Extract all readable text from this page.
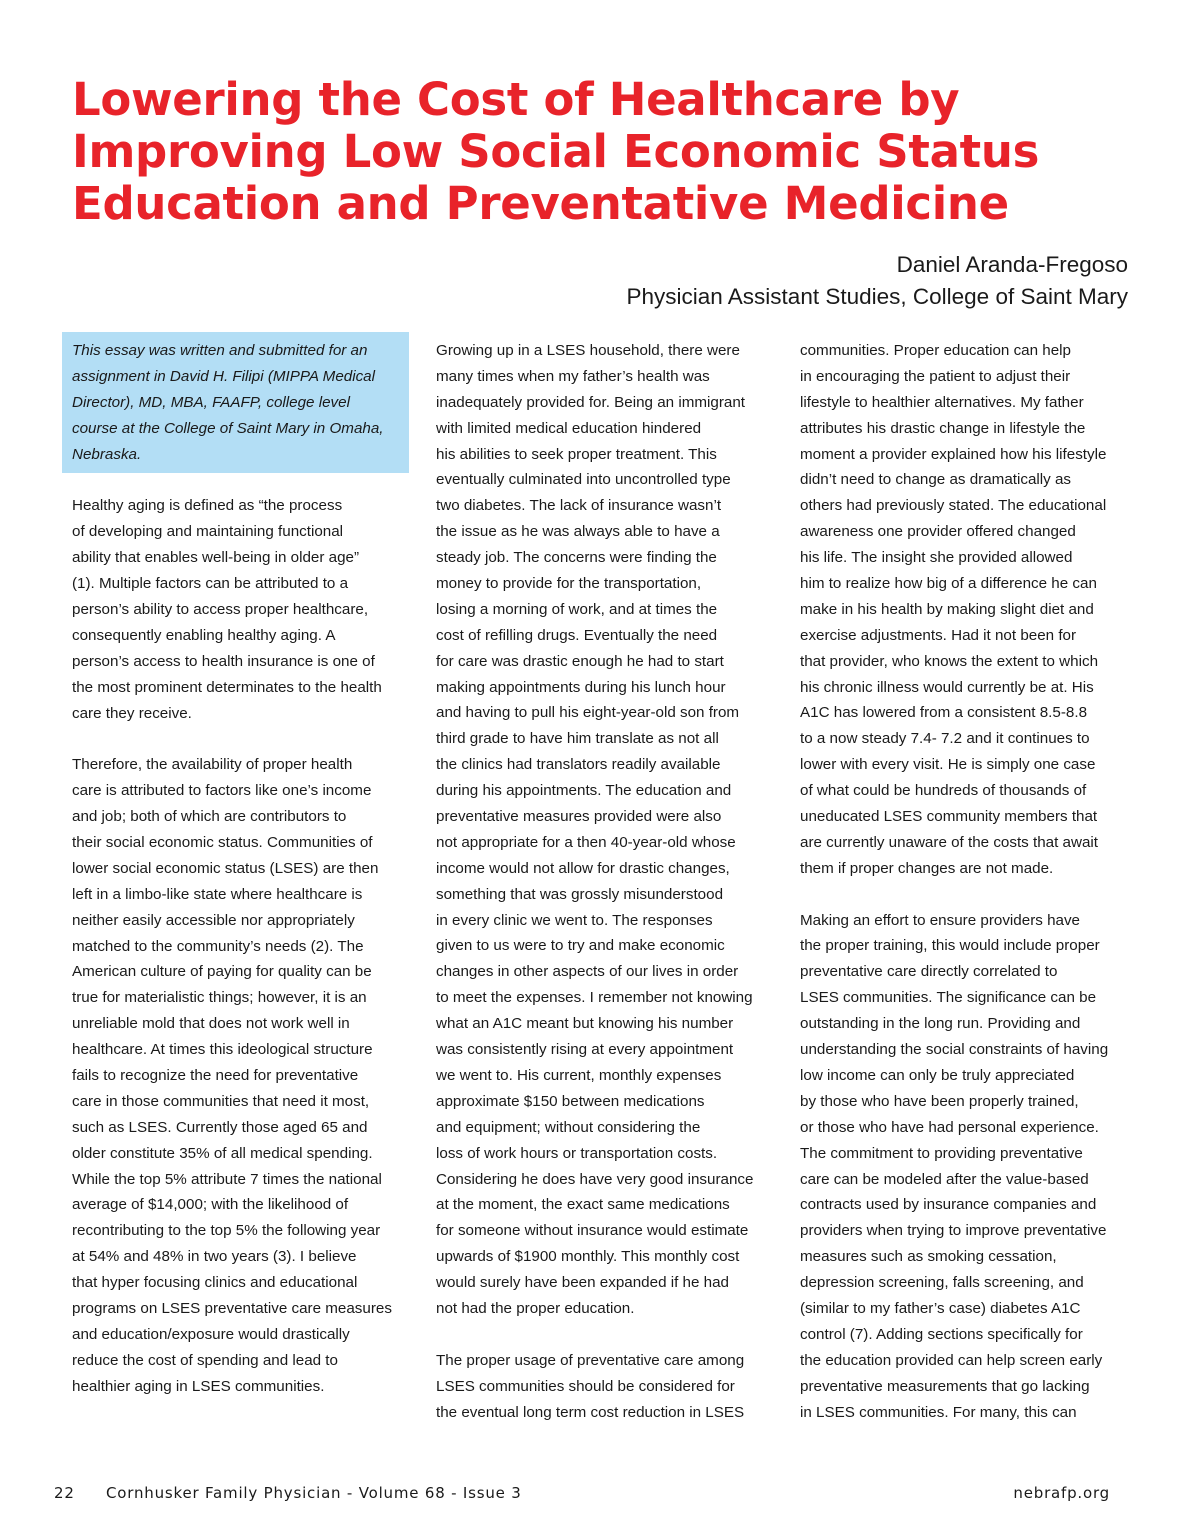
Lowering the Cost of Healthcare by
Improving Low Social Economic Status
Education and Preventative Medicine
Daniel Aranda-Fregoso
Physician Assistant Studies, College of Saint Mary
This essay was written and submitted for an
assignment in David H. Filipi (MIPPA Medical
Director), MD, MBA, FAAFP, college level
course at the College of Saint Mary in Omaha,
Nebraska.
Healthy aging is defined as “the process
of developing and maintaining functional
ability that enables well-being in older age”
(1). Multiple factors can be attributed to a
person’s ability to access proper healthcare,
consequently enabling healthy aging. A
person’s access to health insurance is one of
the most prominent determinates to the health
care they receive.
Therefore, the availability of proper health
care is attributed to factors like one’s income
and job; both of which are contributors to
their social economic status. Communities of
lower social economic status (LSES) are then
left in a limbo-like state where healthcare is
neither easily accessible nor appropriately
matched to the community’s needs (2). The
American culture of paying for quality can be
true for materialistic things; however, it is an
unreliable mold that does not work well in
healthcare. At times this ideological structure
fails to recognize the need for preventative
care in those communities that need it most,
such as LSES. Currently those aged 65 and
older constitute 35% of all medical spending.
While the top 5% attribute 7 times the national
average of $14,000; with the likelihood of
recontributing to the top 5% the following year
at 54% and 48% in two years (3). I believe
that hyper focusing clinics and educational
programs on LSES preventative care measures
and education/exposure would drastically
reduce the cost of spending and lead to
healthier aging in LSES communities.
Growing up in a LSES household, there were
many times when my father’s health was
inadequately provided for. Being an immigrant
with limited medical education hindered
his abilities to seek proper treatment. This
eventually culminated into uncontrolled type
two diabetes. The lack of insurance wasn’t
the issue as he was always able to have a
steady job. The concerns were finding the
money to provide for the transportation,
losing a morning of work, and at times the
cost of refilling drugs. Eventually the need
for care was drastic enough he had to start
making appointments during his lunch hour
and having to pull his eight-year-old son from
third grade to have him translate as not all
the clinics had translators readily available
during his appointments. The education and
preventative measures provided were also
not appropriate for a then 40-year-old whose
income would not allow for drastic changes,
something that was grossly misunderstood
in every clinic we went to. The responses
given to us were to try and make economic
changes in other aspects of our lives in order
to meet the expenses. I remember not knowing
what an A1C meant but knowing his number
was consistently rising at every appointment
we went to. His current, monthly expenses
approximate $150 between medications
and equipment; without considering the
loss of work hours or transportation costs.
Considering he does have very good insurance
at the moment, the exact same medications
for someone without insurance would estimate
upwards of $1900 monthly. This monthly cost
would surely have been expanded if he had
not had the proper education.
The proper usage of preventative care among
LSES communities should be considered for
the eventual long term cost reduction in LSES
communities. Proper education can help
in encouraging the patient to adjust their
lifestyle to healthier alternatives. My father
attributes his drastic change in lifestyle the
moment a provider explained how his lifestyle
didn’t need to change as dramatically as
others had previously stated. The educational
awareness one provider offered changed
his life. The insight she provided allowed
him to realize how big of a difference he can
make in his health by making slight diet and
exercise adjustments. Had it not been for
that provider, who knows the extent to which
his chronic illness would currently be at. His
A1C has lowered from a consistent 8.5-8.8
to a now steady 7.4- 7.2 and it continues to
lower with every visit. He is simply one case
of what could be hundreds of thousands of
uneducated LSES community members that
are currently unaware of the costs that await
them if proper changes are not made.
Making an effort to ensure providers have
the proper training, this would include proper
preventative care directly correlated to
LSES communities. The significance can be
outstanding in the long run. Providing and
understanding the social constraints of having
low income can only be truly appreciated
by those who have been properly trained,
or those who have had personal experience.
The commitment to providing preventative
care can be modeled after the value-based
contracts used by insurance companies and
providers when trying to improve preventative
measures such as smoking cessation,
depression screening, falls screening, and
(similar to my father’s case) diabetes A1C
control (7). Adding sections specifically for
the education provided can help screen early
preventative measurements that go lacking
in LSES communities. For many, this can
22 Cornhusker Family Physician - Volume 68 - Issue 3	nebrafp.org
